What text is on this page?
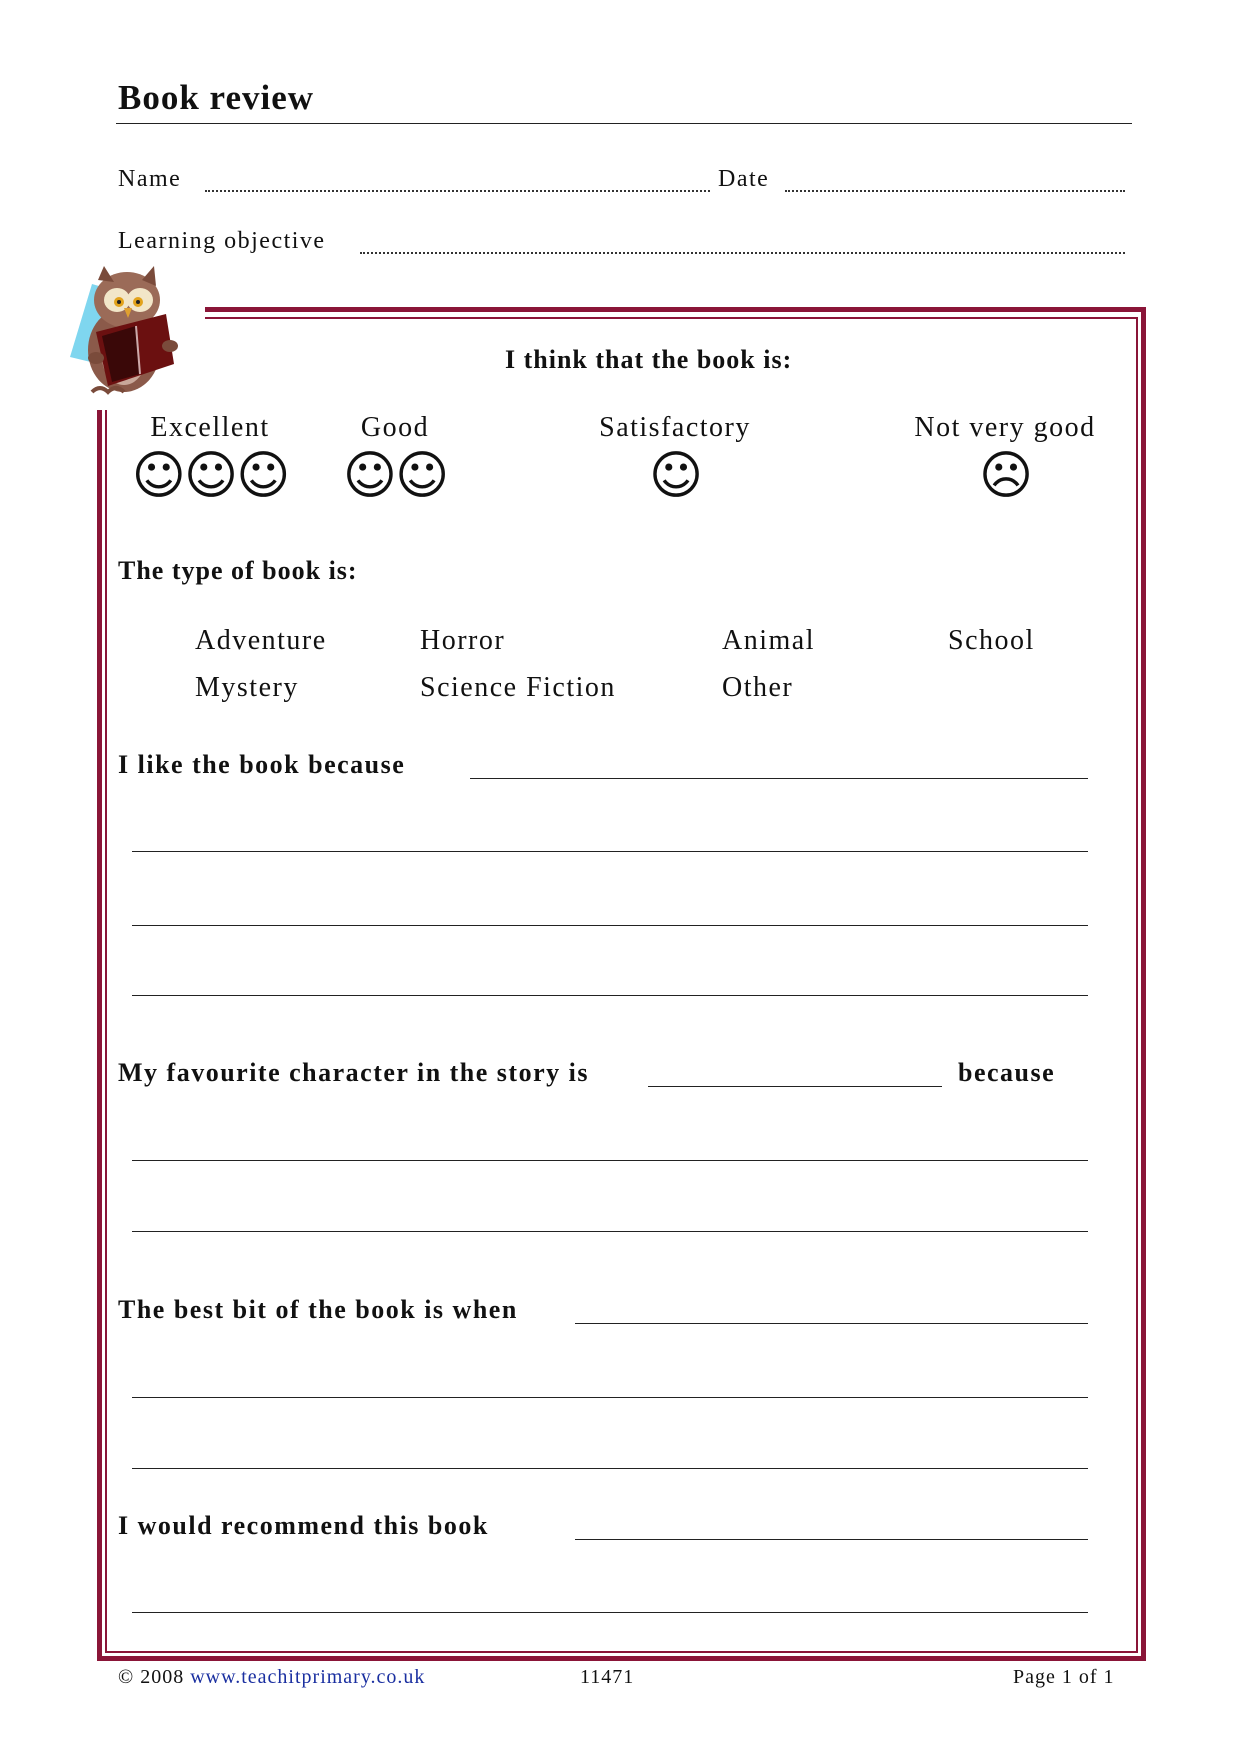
Book review
Name	Date
Learning objective
I think that the book is:
Excellent
☺☺☺
Good
☺☺
Satisfactory
☺
Not very good
☹
The type of book is:
Adventure	Horror	Animal	School
Mystery	Science Fiction	Other
I like the book because
My favourite character in the story is	because
The best bit of the book is when
I would recommend this book
© 2008 www.teachitprimary.co.uk	11471	Page 1 of 1
